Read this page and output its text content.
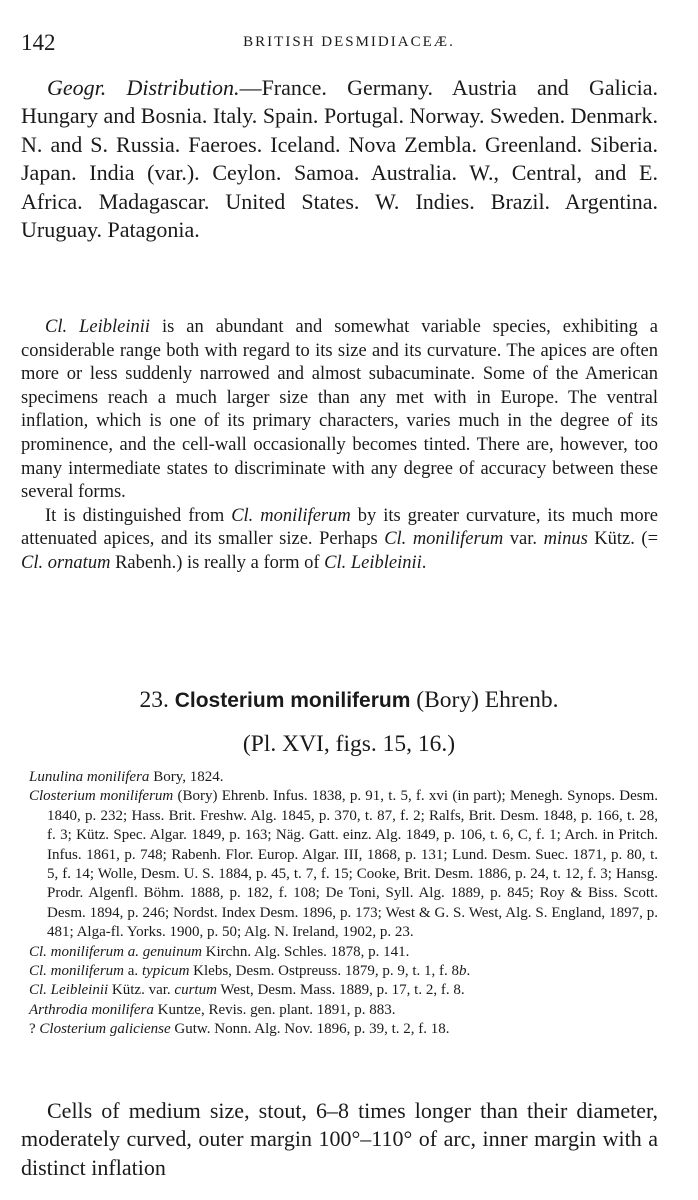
142	BRITISH DESMIDIACEÆ.

Geogr. Distribution.—France. Germany. Austria and Galicia. Hungary and Bosnia. Italy. Spain. Portugal. Norway. Sweden. Denmark. N. and S. Russia. Faeroes. Iceland. Nova Zembla. Greenland. Siberia. Japan. India (var.). Ceylon. Samoa. Australia. W., Central, and E. Africa. Madagascar. United States. W. Indies. Brazil. Argentina. Uruguay. Patagonia.

Cl. Leibleinii is an abundant and somewhat variable species, exhibiting a considerable range both with regard to its size and its curvature. The apices are often more or less suddenly narrowed and almost subacuminate. Some of the American specimens reach a much larger size than any met with in Europe. The ventral inflation, which is one of its primary characters, varies much in the degree of its prominence, and the cell-wall occasionally becomes tinted. There are, however, too many intermediate states to discriminate with any degree of accuracy between these several forms.

It is distinguished from Cl. moniliferum by its greater curvature, its much more attenuated apices, and its smaller size. Perhaps Cl. moniliferum var. minus Kütz. (= Cl. ornatum Rabenh.) is really a form of Cl. Leibleinii.

23. Closterium moniliferum (Bory) Ehrenb.
(Pl. XVI, figs. 15, 16.)

Lunulina monilifera Bory, 1824.

Closterium moniliferum (Bory) Ehrenb. Infus. 1838, p. 91, t. 5, f. xvi (in part); Menegh. Synops. Desm. 1840, p. 232; Hass. Brit. Freshw. Alg. 1845, p. 370, t. 87, f. 2; Ralfs, Brit. Desm. 1848, p. 166, t. 28, f. 3; Kütz. Spec. Algar. 1849, p. 163; Näg. Gatt. einz. Alg. 1849, p. 106, t. 6, C, f. 1; Arch. in Pritch. Infus. 1861, p. 748; Rabenh. Flor. Europ. Algar. III, 1868, p. 131; Lund. Desm. Suec. 1871, p. 80, t. 5, f. 14; Wolle, Desm. U. S. 1884, p. 45, t. 7, f. 15; Cooke, Brit. Desm. 1886, p. 24, t. 12, f. 3; Hansg. Prodr. Algenfl. Böhm. 1888, p. 182, f. 108; De Toni, Syll. Alg. 1889, p. 845; Roy & Biss. Scott. Desm. 1894, p. 246; Nordst. Index Desm. 1896, p. 173; West & G. S. West, Alg. S. England, 1897, p. 481; Alga-fl. Yorks. 1900, p. 50; Alg. N. Ireland, 1902, p. 23.

Cl. moniliferum a. genuinum Kirchn. Alg. Schles. 1878, p. 141.

Cl. moniliferum a. typicum Klebs, Desm. Ostpreuss. 1879, p. 9, t. 1, f. 8b.

Cl. Leibleinii Kütz. var. curtum West, Desm. Mass. 1889, p. 17, t. 2, f. 8.

Arthrodia monilifera Kuntze, Revis. gen. plant. 1891, p. 883.

? Closterium galiciense Gutw. Nonn. Alg. Nov. 1896, p. 39, t. 2, f. 18.

Cells of medium size, stout, 6–8 times longer than their diameter, moderately curved, outer margin 100°–110° of arc, inner margin with a distinct inflation
